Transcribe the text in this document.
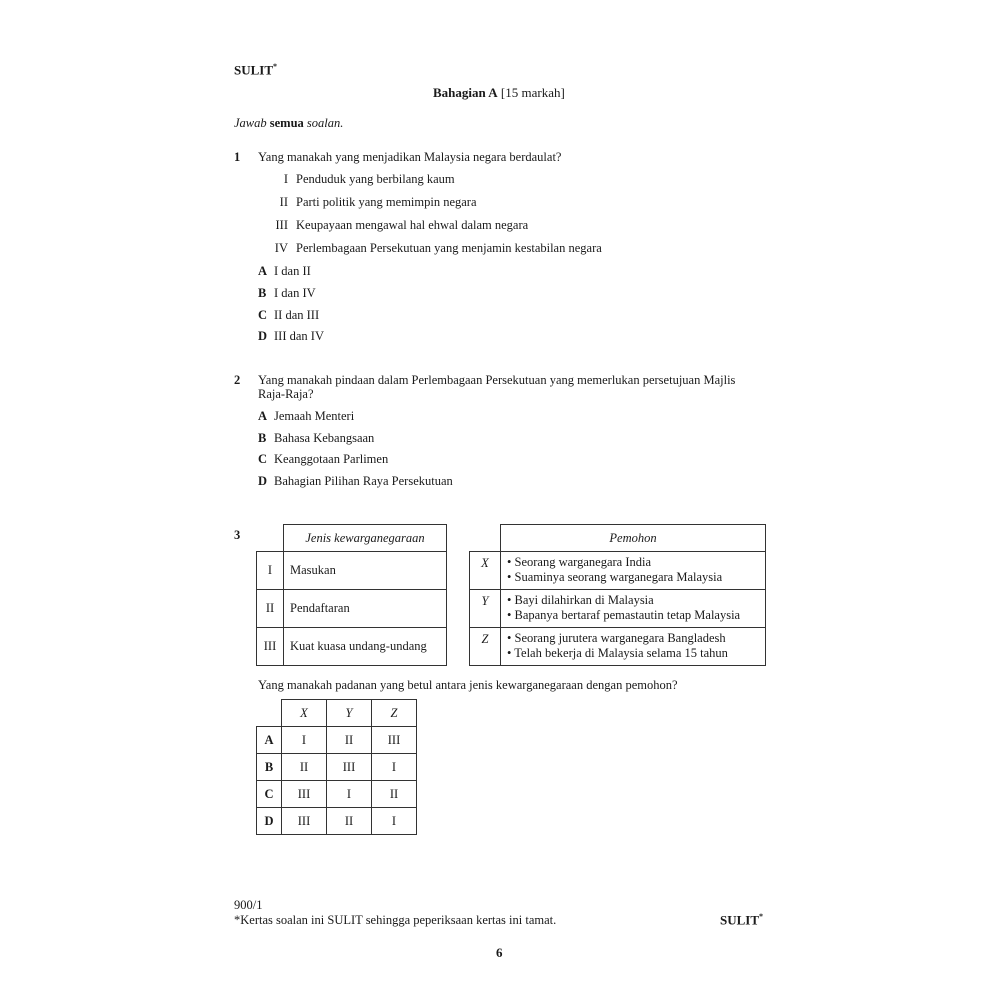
SULIT*
Bahagian A [15 markah]
Jawab semua soalan.
1 Yang manakah yang menjadikan Malaysia negara berdaulat?
I Penduduk yang berbilang kaum
II Parti politik yang memimpin negara
III Keupayaan mengawal hal ehwal dalam negara
IV Perlembagaan Persekutuan yang menjamin kestabilan negara
A I dan II
B I dan IV
C II dan III
D III dan IV
2 Yang manakah pindaan dalam Perlembagaan Persekutuan yang memerlukan persetujuan Majlis
Raja-Raja?
A Jemaah Menteri
B Bahasa Kebangsaan
C Keanggotaan Parlimen
D Bahagian Pilihan Raya Persekutuan
3
		Jenis kewarganegaraan
I	Masukan
II	Pendaftaran
III	Kuat kuasa undang-undang
	Pemohon
X	• Seorang warganegara India
• Suaminya seorang warganegara Malaysia

Y	• Bayi dilahirkan di Malaysia
• Bapanya bertaraf pemastautin tetap Malaysia

Z	• Seorang jurutera warganegara Bangladesh
• Telah bekerja di Malaysia selama 15 tahun
Yang manakah padanan yang betul antara jenis kewarganegaraan dengan pemohon?
	X	Y	Z
A	I	II	III
B	II	III	I
C	III	I	II
D	III	II	I
900/1
*Kertas soalan ini SULIT sehingga peperiksaan kertas ini tamat.	SULIT*
6
